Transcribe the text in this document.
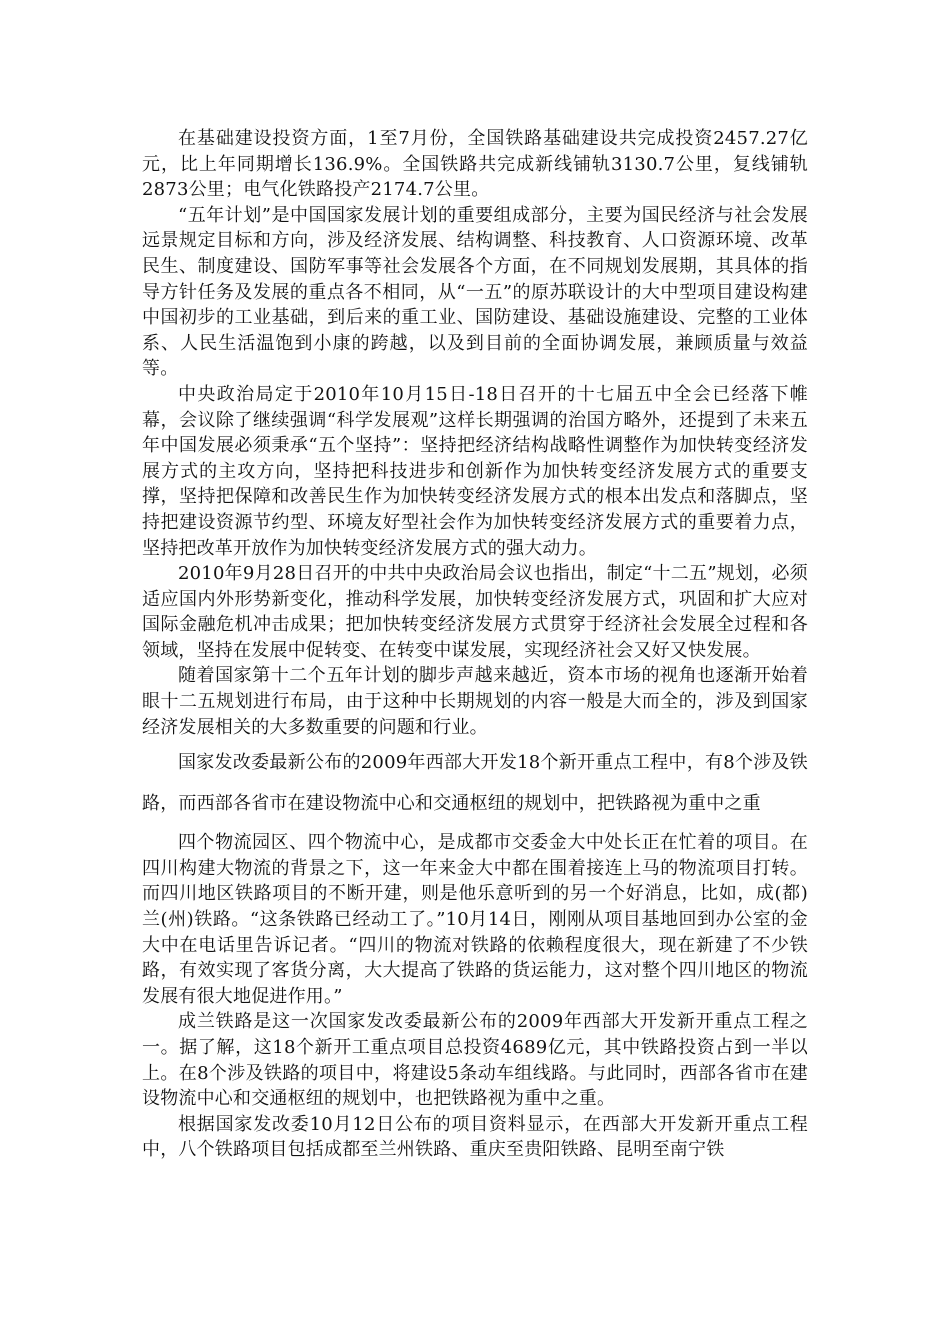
在基础建设投资方面，1至7月份，全国铁路基础建设共完成投资2457.27亿元，比上年同期增长136.9%。全国铁路共完成新线铺轨3130.7公里，复线铺轨2873公里；电气化铁路投产2174.7公里。

“五年计划”是中国国家发展计划的重要组成部分，主要为国民经济与社会发展远景规定目标和方向，涉及经济发展、结构调整、科技教育、人口资源环境、改革民生、制度建设、国防军事等社会发展各个方面，在不同规划发展期，其具体的指导方针任务及发展的重点各不相同，从“一五”的原苏联设计的大中型项目建设构建中国初步的工业基础，到后来的重工业、国防建设、基础设施建设、完整的工业体系、人民生活温饱到小康的跨越，以及到目前的全面协调发展，兼顾质量与效益等。

中央政治局定于2010年10月15日-18日召开的十七届五中全会已经落下帷幕，会议除了继续强调“科学发展观”这样长期强调的治国方略外，还提到了未来五年中国发展必须秉承“五个坚持”：坚持把经济结构战略性调整作为加快转变经济发展方式的主攻方向，坚持把科技进步和创新作为加快转变经济发展方式的重要支撑，坚持把保障和改善民生作为加快转变经济发展方式的根本出发点和落脚点，坚持把建设资源节约型、环境友好型社会作为加快转变经济发展方式的重要着力点，坚持把改革开放作为加快转变经济发展方式的强大动力。

2010年9月28日召开的中共中央政治局会议也指出，制定“十二五”规划，必须适应国内外形势新变化，推动科学发展，加快转变经济发展方式，巩固和扩大应对国际金融危机冲击成果；把加快转变经济发展方式贯穿于经济社会发展全过程和各领域，坚持在发展中促转变、在转变中谋发展，实现经济社会又好又快发展。

随着国家第十二个五年计划的脚步声越来越近，资本市场的视角也逐渐开始着眼十二五规划进行布局，由于这种中长期规划的内容一般是大而全的，涉及到国家经济发展相关的大多数重要的问题和行业。

国家发改委最新公布的2009年西部大开发18个新开重点工程中，有8个涉及铁路，而西部各省市在建设物流中心和交通枢纽的规划中，把铁路视为重中之重

四个物流园区、四个物流中心，是成都市交委金大中处长正在忙着的项目。在四川构建大物流的背景之下，这一年来金大中都在围着接连上马的物流项目打转。而四川地区铁路项目的不断开建，则是他乐意听到的另一个好消息，比如，成(都)兰(州)铁路。“这条铁路已经动工了。”10月14日，刚刚从项目基地回到办公室的金大中在电话里告诉记者。“四川的物流对铁路的依赖程度很大，现在新建了不少铁路，有效实现了客货分离，大大提高了铁路的货运能力，这对整个四川地区的物流发展有很大地促进作用。”

成兰铁路是这一次国家发改委最新公布的2009年西部大开发新开重点工程之一。据了解，这18个新开工重点项目总投资4689亿元，其中铁路投资占到一半以上。在8个涉及铁路的项目中，将建设5条动车组线路。与此同时，西部各省市在建设物流中心和交通枢纽的规划中，也把铁路视为重中之重。

根据国家发改委10月12日公布的项目资料显示，在西部大开发新开重点工程中，八个铁路项目包括成都至兰州铁路、重庆至贵阳铁路、昆明至南宁铁
